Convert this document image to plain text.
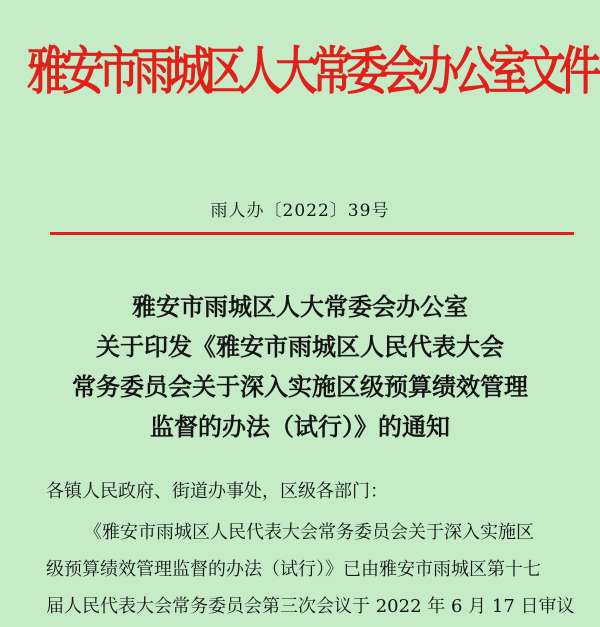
雅安市雨城区人大常委会办公室文件
雨人办〔2022〕39号
雅安市雨城区人大常委会办公室
关于印发《雅安市雨城区人民代表大会
常务委员会关于深入实施区级预算绩效管理
监督的办法（试行）》的通知
各镇人民政府、街道办事处，区级各部门：
《雅安市雨城区人民代表大会常务委员会关于深入实施区
级预算绩效管理监督的办法（试行）》已由雅安市雨城区第十七
届人民代表大会常务委员会第三次会议于 2022 年 6 月 17 日审议
